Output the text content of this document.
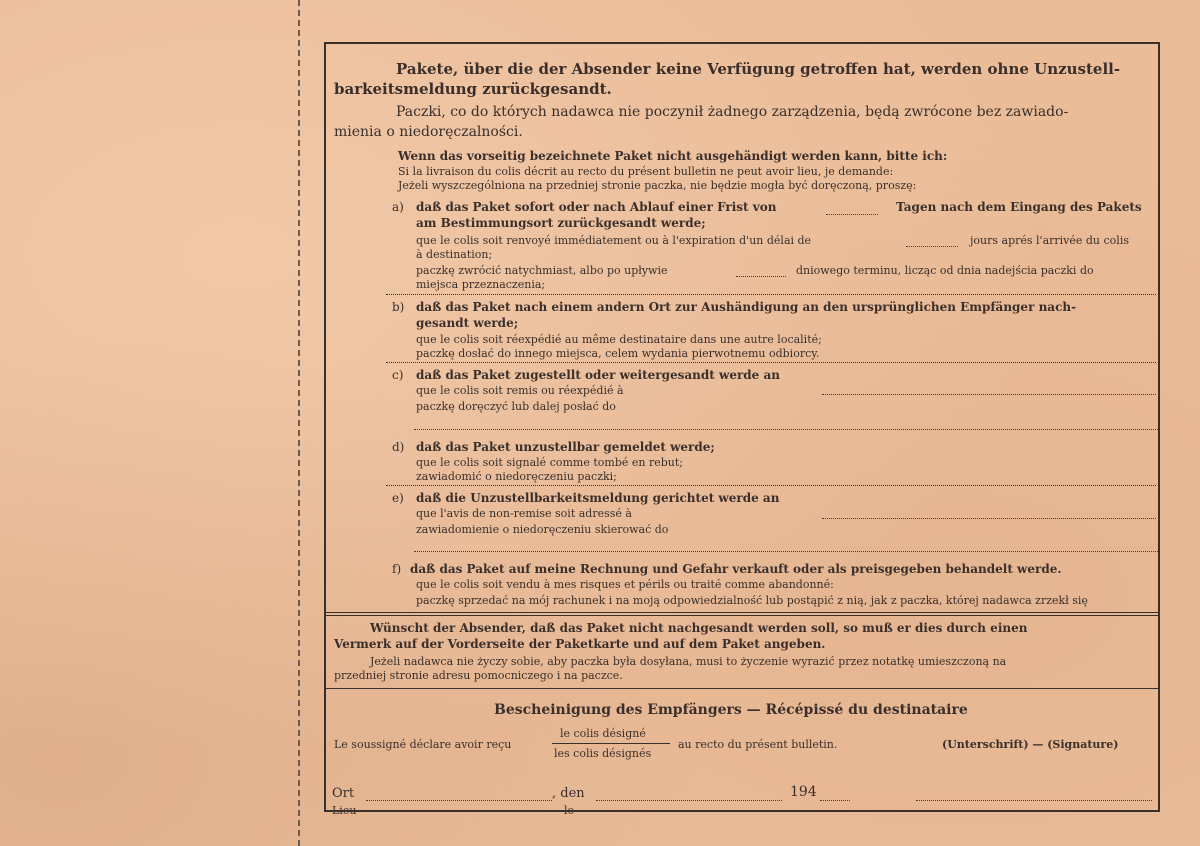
Pakete, über die der Absender keine Verfügung getroffen hat, werden ohne Unzustell-
barkeitsmeldung zurückgesandt.
Paczki, co do których nadawca nie poczynił żadnego zarządzenia, będą zwrócone bez zawiado-
mienia o niedoręczalności.
Wenn das vorseitig bezeichnete Paket nicht ausgehändigt werden kann, bitte ich:
Si la livraison du colis décrit au recto du présent bulletin ne peut avoir lieu, je demande:
Jeżeli wyszczególniona na przedniej stronie paczka, nie będzie mogła być doręczoną, proszę:
a) daß das Paket sofort oder nach Ablauf einer Frist von	Tagen nach dem Eingang des Pakets
am Bestimmungsort zurückgesandt werde;
que le colis soit renvoyé immédiatement ou à l'expiration d'un délai de	jours aprés l'arrivée du colis
à destination;
paczkę zwrócić natychmiast, albo po upływie	dniowego terminu, licząc od dnia nadejścia paczki do
miejsca przeznaczenia;
b) daß das Paket nach einem andern Ort zur Aushändigung an den ursprünglichen Empfänger nach-
gesandt werde;
que le colis soit réexpédié au même destinataire dans une autre localité;
paczkę dosłać do innego miejsca, celem wydania pierwotnemu odbiorcy.
c) daß das Paket zugestellt oder weitergesandt werde an
que le colis soit remis ou réexpédié à
paczkę doręczyć lub dalej posłać do
d) daß das Paket unzustellbar gemeldet werde;
que le colis soit signalé comme tombé en rebut;
zawiadomić o niedoręczeniu paczki;
e) daß die Unzustellbarkeitsmeldung gerichtet werde an
que l'avis de non-remise soit adressé à
zawiadomienie o niedoręczeniu skierować do
f) daß das Paket auf meine Rechnung und Gefahr verkauft oder als preisgegeben behandelt werde.
que le colis soit vendu à mes risques et périls ou traité comme abandonné:
paczkę sprzedać na mój rachunek i na moją odpowiedzialność lub postąpić z nią, jak z paczka, której nadawca zrzekł się
Wünscht der Absender, daß das Paket nicht nachgesandt werden soll, so muß er dies durch einen
Vermerk auf der Vorderseite der Paketkarte und auf dem Paket angeben.
Jeżeli nadawca nie życzy sobie, aby paczka była dosyłana, musi to życzenie wyrazić przez notatkę umieszczoną na
przedniej stronie adresu pomocniczego i na paczce.
Bescheinigung des Empfängers — Récépissé du destinataire
Le soussigné déclare avoir reçu
le colis désigné
les colis désignés
au recto du présent bulletin.	(Unterschrift) — (Signature)
Ort
Lieu
, den
le
194
